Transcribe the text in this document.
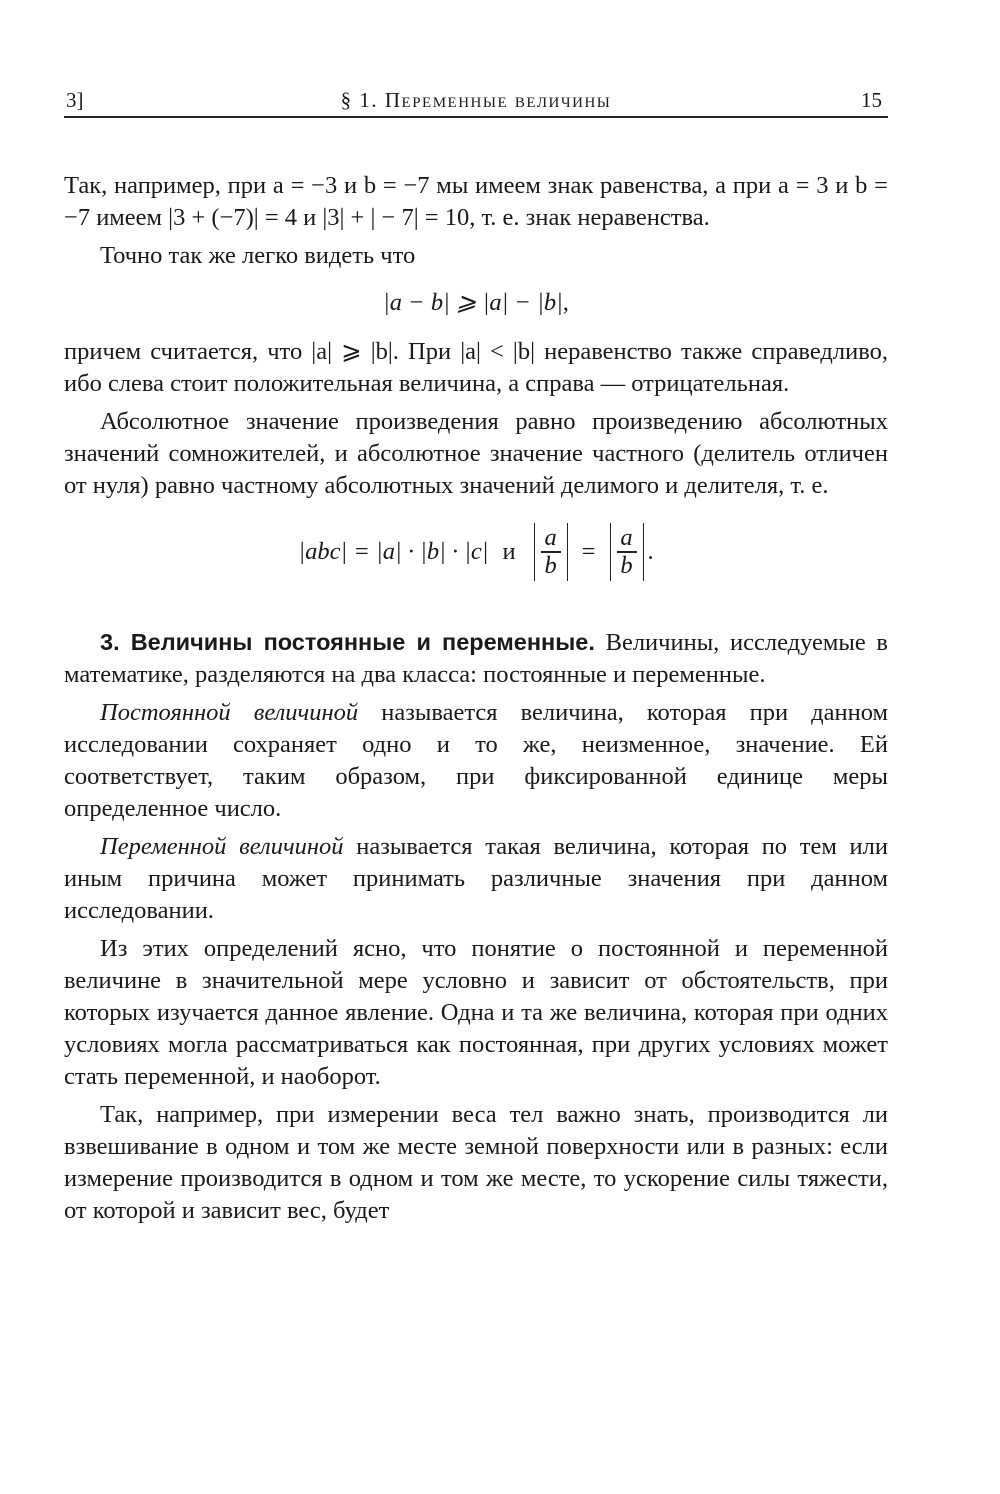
3]	§ 1. Переменные величины	15

Так, например, при a = −3 и b = −7 мы имеем знак равенства, а при a = 3 и b = −7 имеем |3 + (−7)| = 4 и |3| + | − 7| = 10, т. е. знак неравенства.

Точно так же легко видеть что

|a − b| ⩾ |a| − |b|,

причем считается, что |a| ⩾ |b|. При |a| < |b| неравенство также справедливо, ибо слева стоит положительная величина, а справа — отрицательная.

Абсолютное значение произведения равно произведению абсолютных значений сомножителей, и абсолютное значение частного (делитель отличен от нуля) равно частному абсолютных значений делимого и делителя, т. е.

|abc| = |a| · |b| · |c| и $\frac{a}{b} = \frac{a}{b}$ .

3. Величины постоянные и переменные. Величины, исследуемые в математике, разделяются на два класса: постоянные и переменные.

Постоянной величиной называется величина, которая при данном исследовании сохраняет одно и то же, неизменное, значение. Ей соответствует, таким образом, при фиксированной единице меры определенное число.

Переменной величиной называется такая величина, которая по тем или иным причина может принимать различные значения при данном исследовании.

Из этих определений ясно, что понятие о постоянной и переменной величине в значительной мере условно и зависит от обстоятельств, при которых изучается данное явление. Одна и та же величина, которая при одних условиях могла рассматриваться как постоянная, при других условиях может стать переменной, и наоборот.

Так, например, при измерении веса тел важно знать, производится ли взвешивание в одном и том же месте земной поверхности или в разных: если измерение производится в одном и том же месте, то ускорение силы тяжести, от которой и зависит вес, будет
